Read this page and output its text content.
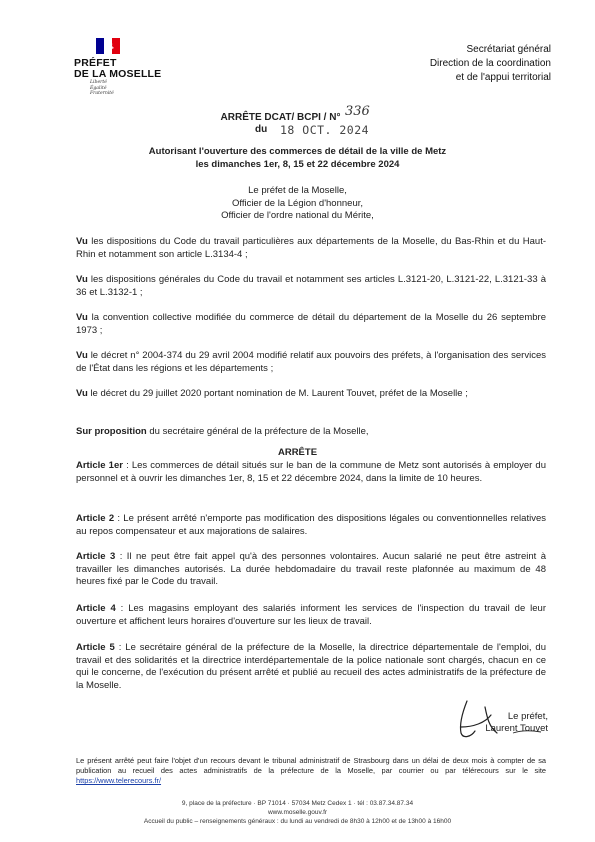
PRÉFET
DE LA MOSELLE
Liberté
Égalité
Fraternité
Secrétariat général
Direction de la coordination
et de l'appui territorial
ARRÊTE DCAT/ BCPI / N° 336
du 18 OCT. 2024
Autorisant l'ouverture des commerces de détail de la ville de Metz
les dimanches 1er, 8, 15 et 22 décembre 2024
Le préfet de la Moselle,
Officier de la Légion d'honneur,
Officier de l'ordre national du Mérite,
Vu les dispositions du Code du travail particulières aux départements de la Moselle, du Bas-Rhin et du Haut-Rhin et notamment son article L.3134-4 ;
Vu les dispositions générales du Code du travail et notamment ses articles L.3121-20, L.3121-22, L.3121-33 à 36 et L.3132-1 ;
Vu la convention collective modifiée du commerce de détail du département de la Moselle du 26 septembre 1973 ;
Vu le décret n° 2004-374 du 29 avril 2004 modifié relatif aux pouvoirs des préfets, à l'organisation des services de l'État dans les régions et les départements ;
Vu le décret du 29 juillet 2020 portant nomination de M. Laurent Touvet, préfet de la Moselle ;
Sur proposition du secrétaire général de la préfecture de la Moselle,
ARRÊTE
Article 1er : Les commerces de détail situés sur le ban de la commune de Metz sont autorisés à employer du personnel et à ouvrir les dimanches 1er, 8, 15 et 22 décembre 2024, dans la limite de 10 heures.
Article 2 : Le présent arrêté n'emporte pas modification des dispositions légales ou conventionnelles relatives au repos compensateur et aux majorations de salaires.
Article 3 : Il ne peut être fait appel qu'à des personnes volontaires. Aucun salarié ne peut être astreint à travailler les dimanches autorisés. La durée hebdomadaire du travail reste plafonnée au maximum de 48 heures fixé par le Code du travail.
Article 4 : Les magasins employant des salariés informent les services de l'inspection du travail de leur ouverture et affichent leurs horaires d'ouverture sur les lieux de travail.
Article 5 : Le secrétaire général de la préfecture de la Moselle, la directrice départementale de l'emploi, du travail et des solidarités et la directrice interdépartementale de la police nationale sont chargés, chacun en ce qui le concerne, de l'exécution du présent arrêté et publié au recueil des actes administratifs de la préfecture de la Moselle.
Le préfet,
Laurent Touvet
Le présent arrêté peut faire l'objet d'un recours devant le tribunal administratif de Strasbourg dans un délai de deux mois à compter de sa publication au recueil des actes administratifs de la préfecture de la Moselle, par courrier ou par télérecours sur le site https://www.telerecours.fr/
9, place de la préfecture · BP 71014 · 57034 Metz Cedex 1 · tél : 03.87.34.87.34
www.moselle.gouv.fr
Accueil du public – renseignements généraux : du lundi au vendredi de 8h30 à 12h00 et de 13h00 à 16h00
